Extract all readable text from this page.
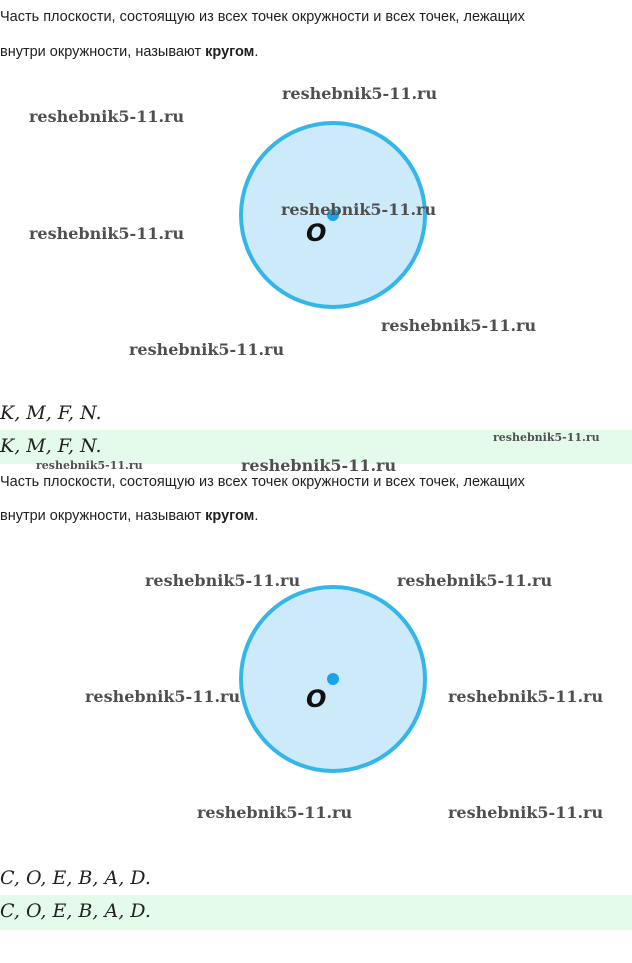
Часть плоскости, состоящую из всех точек окружности и всех точек, лежащих
внутри окружности, называют кругом.
O
reshebnik5-11.ru
reshebnik5-11.ru
reshebnik5-11.ru
reshebnik5-11.ru
reshebnik5-11.ru
reshebnik5-11.ru
K, M, F, N.
K, M, F, N.	reshebnik5-11.ru
reshebnik5-11.ru	reshebnik5-11.ru
Часть плоскости, состоящую из всех точек окружности и всех точек, лежащих
внутри окружности, называют кругом.
O
reshebnik5-11.ru	reshebnik5-11.ru
reshebnik5-11.ru	reshebnik5-11.ru
reshebnik5-11.ru	reshebnik5-11.ru
C, O, E, B, A, D.
C, O, E, B, A, D.
